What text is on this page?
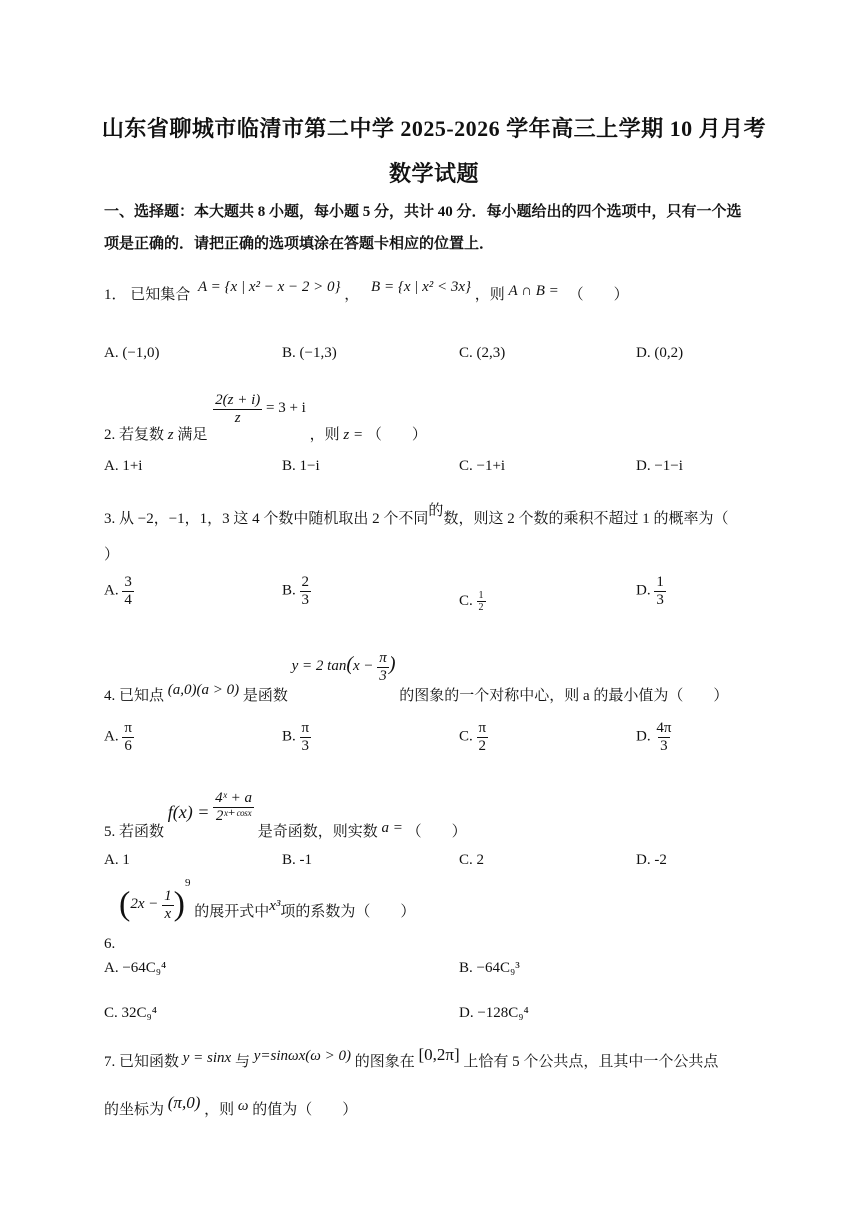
山东省聊城市临清市第二中学 2025-2026 学年高三上学期 10 月月考
数学试题
一、选择题：本大题共 8 小题，每小题 5 分，共计 40 分．每小题给出的四个选项中，只有一个选项是正确的．请把正确的选项填涂在答题卡相应的位置上．
1． 已知集合 A = {x | x² − x − 2 > 0} ， B = {x | x² < 3x} ，则 A ∩ B = （　　）
A. (−1,0)	B. (−1,3)	C. (2,3)	D. (0,2)
2. 若复数 z 满足
$\frac{2(z + i)}{z} = 3 + i$ ，则 z = （　　）
A. 1+i	B. 1−i	C. −1+i	D. −1−i
3. 从 −2，−1，1，3 这 4 个数中随机取出 2 个不同的数，则这 2 个数的乘积不超过 1 的概率为（
）
A. $\frac{3}{4}$	B. $\frac{2}{3}$	C. $\frac{1}{2}$	D. $\frac{1}{3}$
4. 已知点 (a,0)(a > 0) 是函数 y = 2 $\tan(x - \frac{\pi}{3}$ ) 的图象的一个对称中心，则 a 的最小值为（　　）
A. $\frac{\pi}{6}$	B. $\frac{\pi}{3}$	C. $\frac{\pi}{2}$	D. $\frac{4\pi}{3}$
5. 若函数 $f(x) = \frac{\text{4ˣ + a}}{\text{2ˣ⁺ᶜᵒˢˣ}}$
是奇函数，则实数 a = （　　）
A. 1	B. -1	C. 2	D. -2
6. $(2x - \frac{1}{x} )^9$ 的展开式中x³项的系数为（　　）
A. −64C₉⁴	B. −64C₉³
C. 32C₉⁴	D. −128C₉⁴
7. 已知函数 y = sinx 与 y=sinωx(ω > 0) 的图象在 [0,2π] 上恰有 5 个公共点，且其中一个公共点
的坐标为 (π,0) ，则 ω 的值为（　　）
